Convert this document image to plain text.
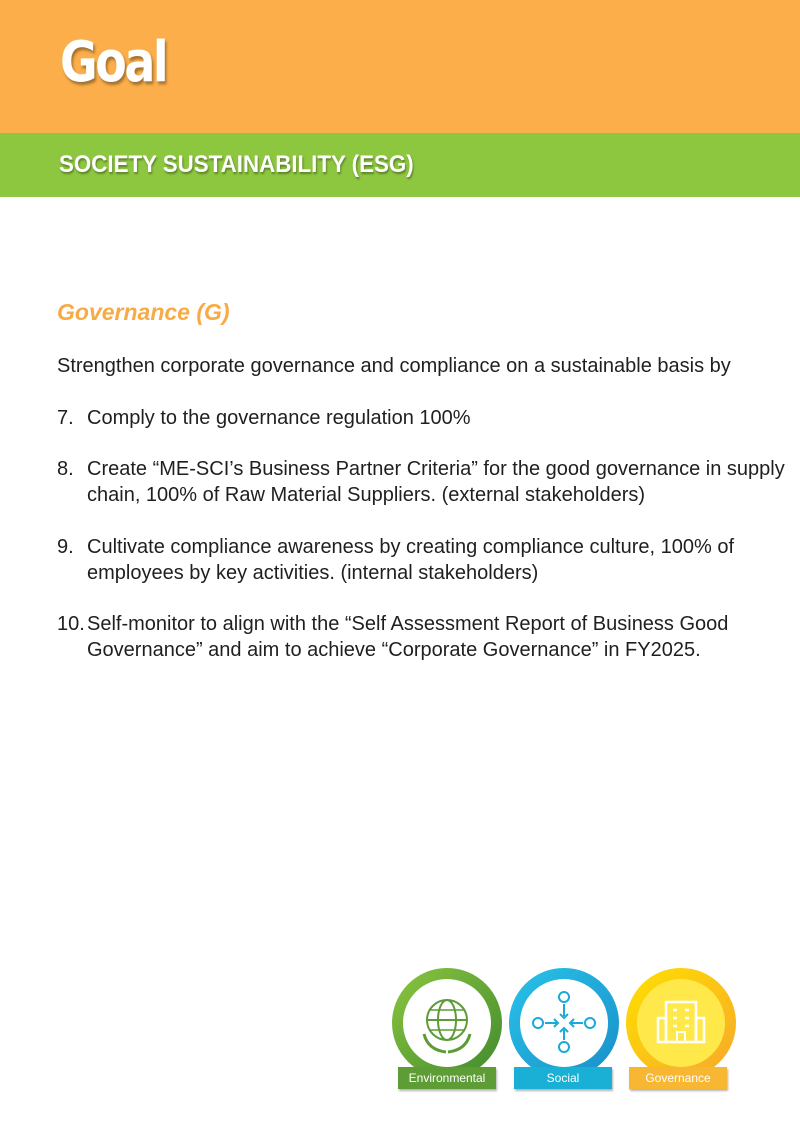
Goal
SOCIETY SUSTAINABILITY (ESG)
Governance (G)
Strengthen corporate governance and compliance on a sustainable basis by
7. Comply to the governance regulation 100%
8. Create “ME-SCI’s Business Partner Criteria” for the good governance in supply chain, 100% of Raw Material Suppliers. (external stakeholders)
9. Cultivate compliance awareness by creating compliance culture, 100% of employees by key activities. (internal stakeholders)
10. Self-monitor to align with the “Self Assessment Report of Business Good Governance” and aim to achieve “Corporate Governance” in FY2025.
Environmental	Social	Governance
